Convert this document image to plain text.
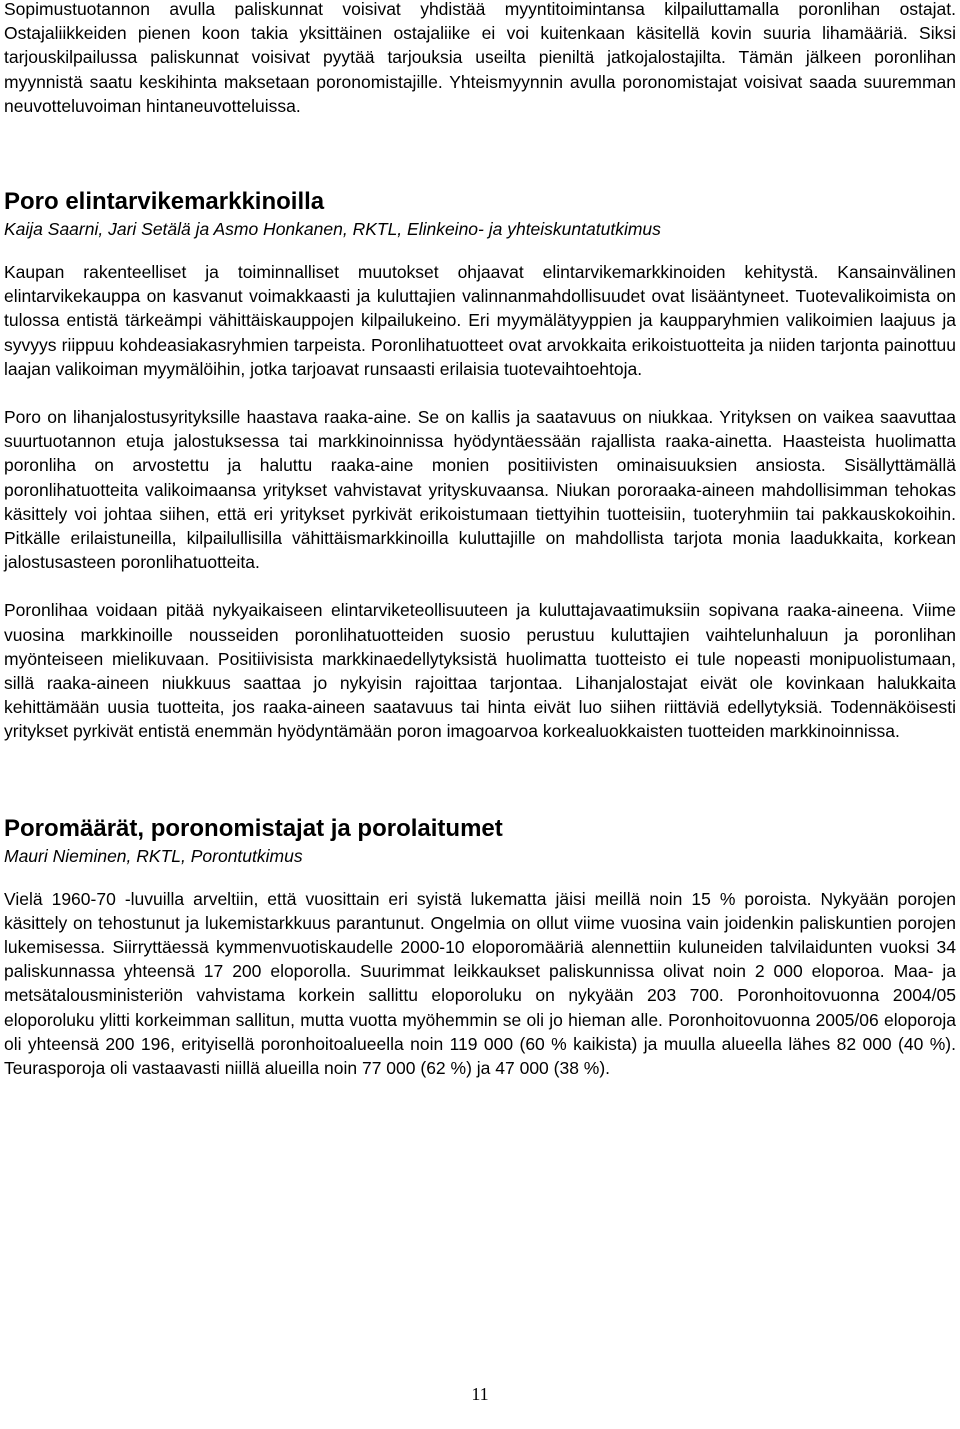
Sopimustuotannon avulla paliskunnat voisivat yhdistää myyntitoimintansa kilpailuttamalla poronlihan ostajat. Ostajaliikkeiden pienen koon takia yksittäinen ostajaliike ei voi kuitenkaan käsitellä kovin suuria lihamääriä. Siksi tarjouskilpailussa paliskunnat voisivat pyytää tarjouksia useilta pieniltä jatkojalostajilta. Tämän jälkeen poronlihan myynnistä saatu keskihinta maksetaan poronomistajille. Yhteismyynnin avulla poronomistajat voisivat saada suuremman neuvotteluvoiman hintaneuvotteluissa.

Poro elintarvikemarkkinoilla
Kaija Saarni, Jari Setälä ja Asmo Honkanen, RKTL, Elinkeino- ja yhteiskuntatutkimus

Kaupan rakenteelliset ja toiminnalliset muutokset ohjaavat elintarvikemarkkinoiden kehitystä. Kansainvälinen elintarvikekauppa on kasvanut voimakkaasti ja kuluttajien valinnanmahdollisuudet ovat lisääntyneet. Tuotevalikoimista on tulossa entistä tärkeämpi vähittäiskauppojen kilpailukeino. Eri myymälätyyppien ja kaupparyhmien valikoimien laajuus ja syvyys riippuu kohdeasiakasryhmien tarpeista. Poronlihatuotteet ovat arvokkaita erikoistuotteita ja niiden tarjonta painottuu laajan valikoiman myymälöihin, jotka tarjoavat runsaasti erilaisia tuotevaihtoehtoja.

Poro on lihanjalostusyrityksille haastava raaka-aine. Se on kallis ja saatavuus on niukkaa. Yrityksen on vaikea saavuttaa suurtuotannon etuja jalostuksessa tai markkinoinnissa hyödyntäessään rajallista raaka-ainetta. Haasteista huolimatta poronliha on arvostettu ja haluttu raaka-aine monien positiivisten ominaisuuksien ansiosta. Sisällyttämällä poronlihatuotteita valikoimaansa yritykset vahvistavat yrityskuvaansa. Niukan pororaaka-aineen mahdollisimman tehokas käsittely voi johtaa siihen, että eri yritykset pyrkivät erikoistumaan tiettyihin tuotteisiin, tuoteryhmiin tai pakkauskokoihin. Pitkälle erilaistuneilla, kilpailullisilla vähittäismarkkinoilla kuluttajille on mahdollista tarjota monia laadukkaita, korkean jalostusasteen poronlihatuotteita.

Poronlihaa voidaan pitää nykyaikaiseen elintarviketeollisuuteen ja kuluttajavaatimuksiin sopivana raaka-aineena. Viime vuosina markkinoille nousseiden poronlihatuotteiden suosio perustuu kuluttajien vaihtelunhaluun ja poronlihan myönteiseen mielikuvaan. Positiivisista markkinaedellytyksistä huolimatta tuotteisto ei tule nopeasti monipuolistumaan, sillä raaka-aineen niukkuus saattaa jo nykyisin rajoittaa tarjontaa. Lihanjalostajat eivät ole kovinkaan halukkaita kehittämään uusia tuotteita, jos raaka-aineen saatavuus tai hinta eivät luo siihen riittäviä edellytyksiä. Todennäköisesti yritykset pyrkivät entistä enemmän hyödyntämään poron imagoarvoa korkealuokkaisten tuotteiden markkinoinnissa.

Poromäärät, poronomistajat ja porolaitumet
Mauri Nieminen, RKTL, Porontutkimus

Vielä 1960-70 -luvuilla arveltiin, että vuosittain eri syistä lukematta jäisi meillä noin 15 % poroista. Nykyään porojen käsittely on tehostunut ja lukemistarkkuus parantunut. Ongelmia on ollut viime vuosina vain joidenkin paliskuntien porojen lukemisessa. Siirryttäessä kymmenvuotiskaudelle 2000-10 eloporomääriä alennettiin kuluneiden talvilaidunten vuoksi 34 paliskunnassa yhteensä 17 200 eloporolla. Suurimmat leikkaukset paliskunnissa olivat noin 2 000 eloporoa. Maa- ja metsätalousministeriön vahvistama korkein sallittu eloporoluku on nykyään 203 700. Poronhoitovuonna 2004/05 eloporoluku ylitti korkeimman sallitun, mutta vuotta myöhemmin se oli jo hieman alle. Poronhoitovuonna 2005/06 eloporoja oli yhteensä 200 196, erityisellä poronhoitoalueella noin 119 000 (60 % kaikista) ja muulla alueella lähes 82 000 (40 %). Teurasporoja oli vastaavasti niillä alueilla noin 77 000 (62 %) ja 47 000 (38 %).

11
